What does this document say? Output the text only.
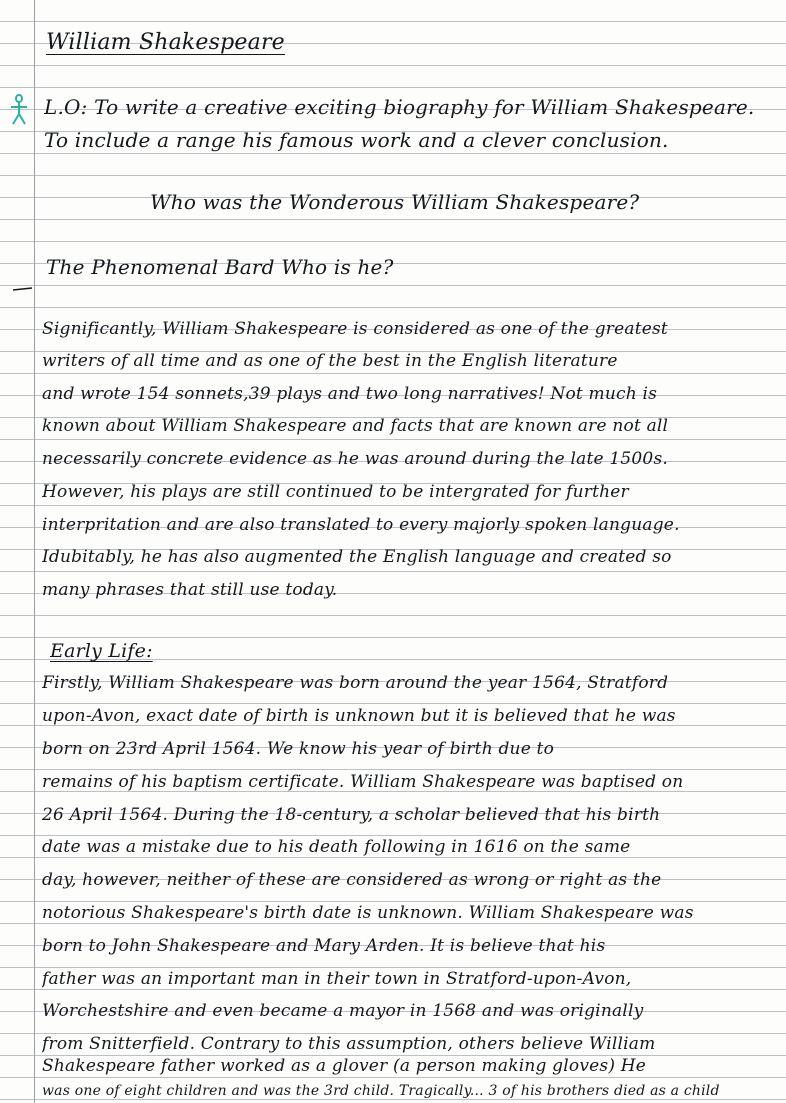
William Shakespeare
L.O: To write a creative exciting biography for William Shakespeare.
To include a range his famous work and a clever conclusion.
Who was the Wonderous William Shakespeare?
The Phenomenal Bard Who is he?
Significantly, William Shakespeare is considered as one of the greatest
writers of all time and as one of the best in the English literature
and wrote 154 sonnets,39 plays and two long narratives! Not much is
known about William Shakespeare and facts that are known are not all
necessarily concrete evidence as he was around during the late 1500s.
However, his plays are still continued to be intergrated for further
interpritation and are also translated to every majorly spoken language.
Idubitably, he has also augmented the English language and created so
many phrases that still use today.
Early Life:
Firstly, William Shakespeare was born around the year 1564, Stratford
upon-Avon, exact date of birth is unknown but it is believed that he was
born on 23rd April 1564. We know his year of birth due to
remains of his baptism certificate. William Shakespeare was baptised on
26 April 1564. During the 18-century, a scholar believed that his birth
date was a mistake due to his death following in 1616 on the same
day, however, neither of these are considered as wrong or right as the
notorious Shakespeare's birth date is unknown. William Shakespeare was
born to John Shakespeare and Mary Arden. It is believe that his
father was an important man in their town in Stratford-upon-Avon,
Worchestshire and even became a mayor in 1568 and was originally
from Snitterfield. Contrary to this assumption, others believe William
Shakespeare father worked as a glover (a person making gloves) He
was one of eight children and was the 3rd child. Tragically... 3 of his brothers died as a child
